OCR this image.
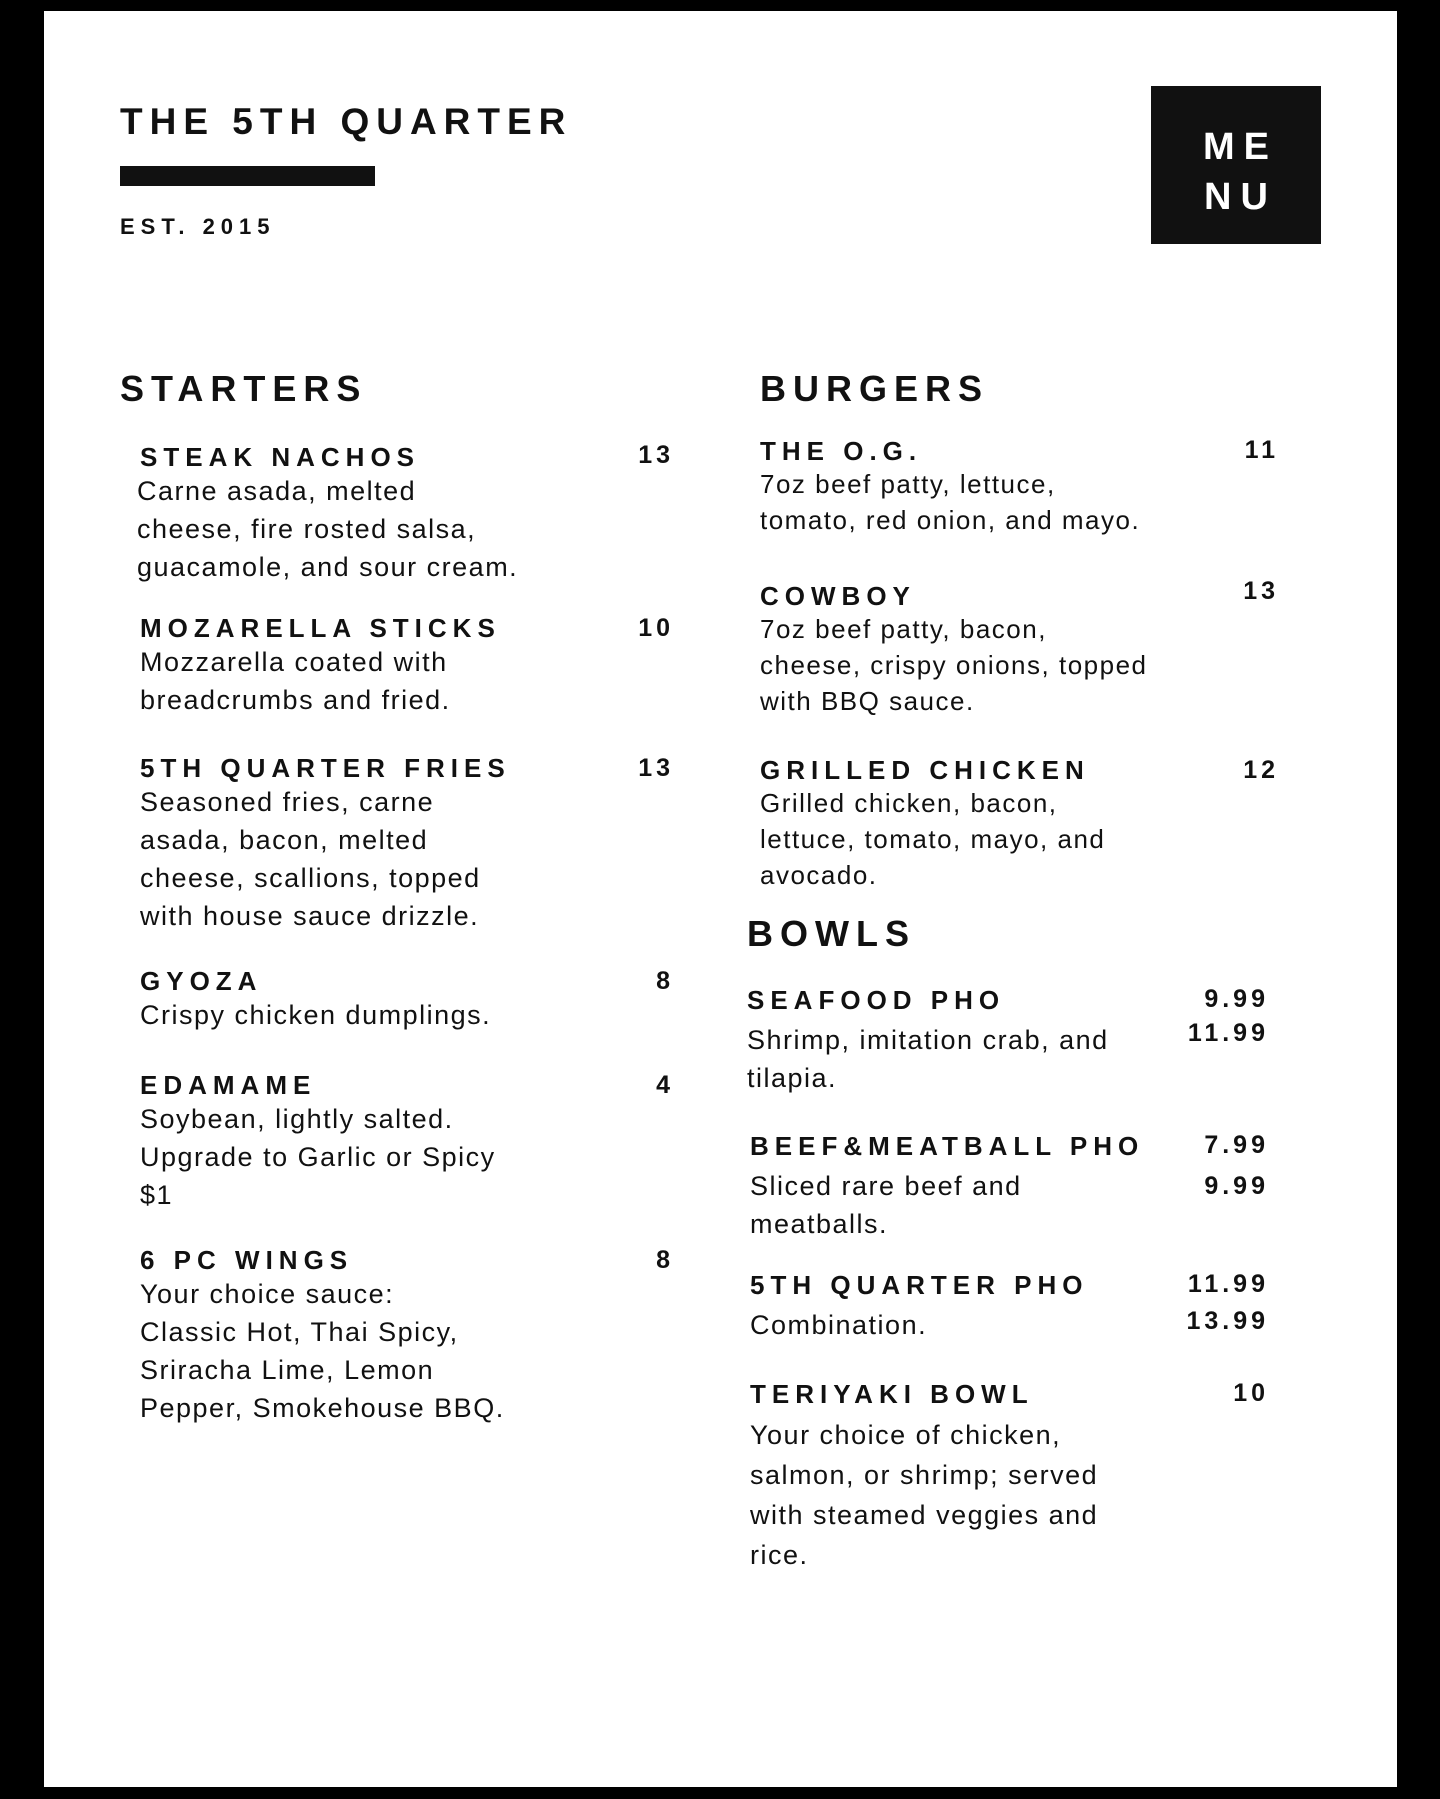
THE 5TH QUARTER
EST. 2015
ME
NU
STARTERS
STEAK NACHOS
Carne asada, melted
cheese, fire rosted salsa,
guacamole, and sour cream.
13
MOZARELLA STICKS
Mozzarella coated with
breadcrumbs and fried.
10
5TH QUARTER FRIES
Seasoned fries, carne
asada, bacon, melted
cheese, scallions, topped
with house sauce drizzle.
13
GYOZA
Crispy chicken dumplings.
8
EDAMAME
Soybean, lightly salted.
Upgrade to Garlic or Spicy
$1
4
6 PC WINGS
Your choice sauce:
Classic Hot, Thai Spicy,
Sriracha Lime, Lemon
Pepper, Smokehouse BBQ.
8
BURGERS
THE O.G.
7oz beef patty, lettuce,
tomato, red onion, and mayo.
11
COWBOY
7oz beef patty, bacon,
cheese, crispy onions, topped
with BBQ sauce.
13
GRILLED CHICKEN
Grilled chicken, bacon,
lettuce, tomato, mayo, and
avocado.
12
BOWLS
SEAFOOD PHO
Shrimp, imitation crab, and
tilapia.
9.99
11.99
BEEF&MEATBALL PHO
Sliced rare beef and
meatballs.
7.99
9.99
5TH QUARTER PHO
Combination.
11.99
13.99
TERIYAKI BOWL
Your choice of chicken,
salmon, or shrimp; served
with steamed veggies and
rice.
10
